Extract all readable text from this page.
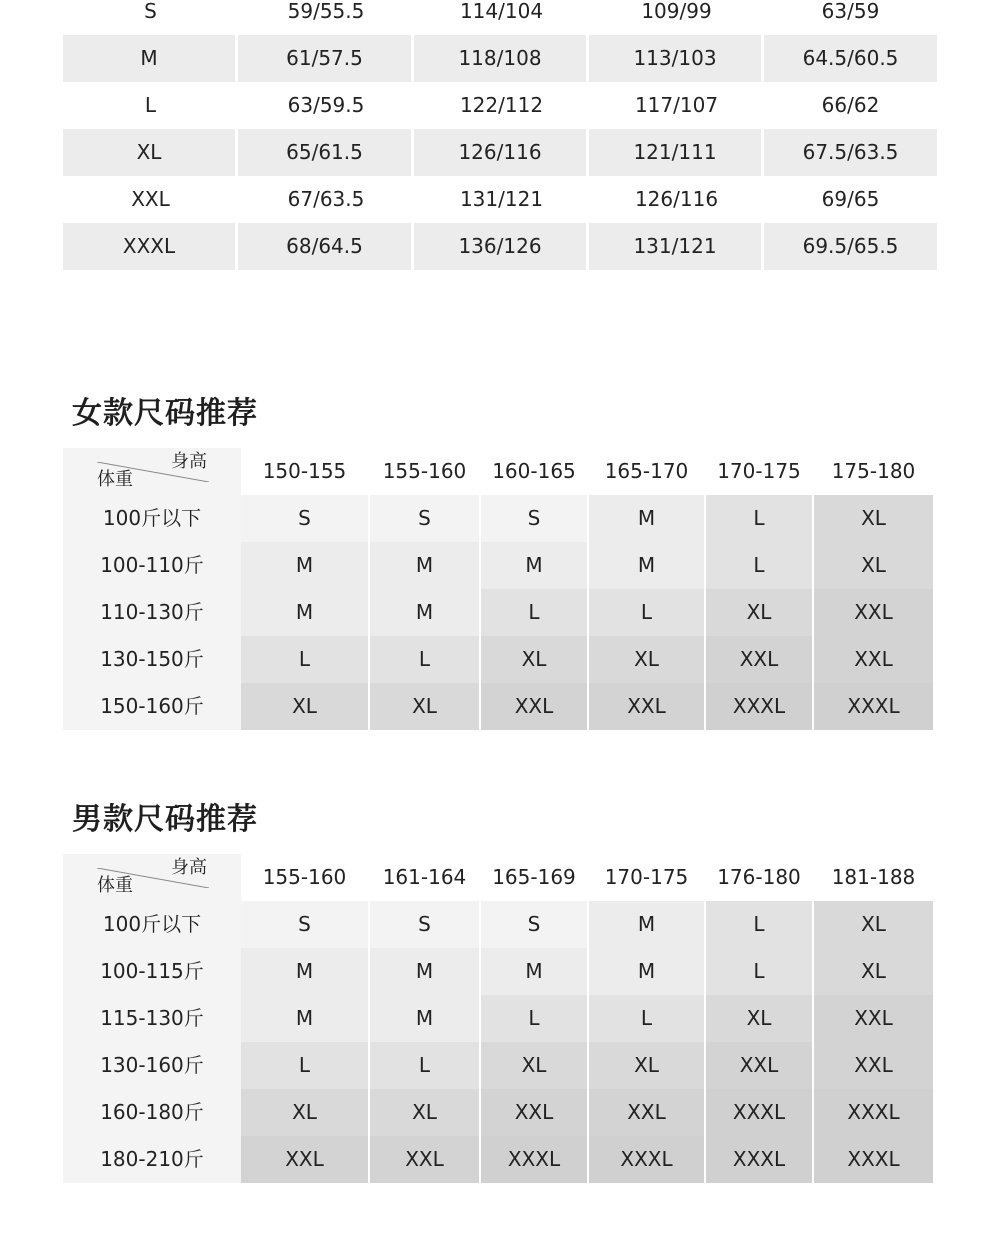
S	59/55.5	114/104	109/99	63/59
M	61/57.5	118/108	113/103	64.5/60.5
L	63/59.5	122/112	117/107	66/62
XL	65/61.5	126/116	121/111	67.5/63.5
XXL	67/63.5	131/121	126/116	69/65
XXXL	68/64.5	136/126	131/121	69.5/65.5
女款尺码推荐
身高
体重	150-155	155-160	160-165	165-170	170-175	175-180
100斤以下	S	S	S	M	L	XL
100-110斤	M	M	M	M	L	XL
110-130斤	M	M	L	L	XL	XXL
130-150斤	L	L	XL	XL	XXL	XXL
150-160斤	XL	XL	XXL	XXL	XXXL	XXXL
男款尺码推荐
身高
体重	155-160	161-164	165-169	170-175	176-180	181-188
100斤以下	S	S	S	M	L	XL
100-115斤	M	M	M	M	L	XL
115-130斤	M	M	L	L	XL	XXL
130-160斤	L	L	XL	XL	XXL	XXL
160-180斤	XL	XL	XXL	XXL	XXXL	XXXL
180-210斤	XXL	XXL	XXXL	XXXL	XXXL	XXXL
